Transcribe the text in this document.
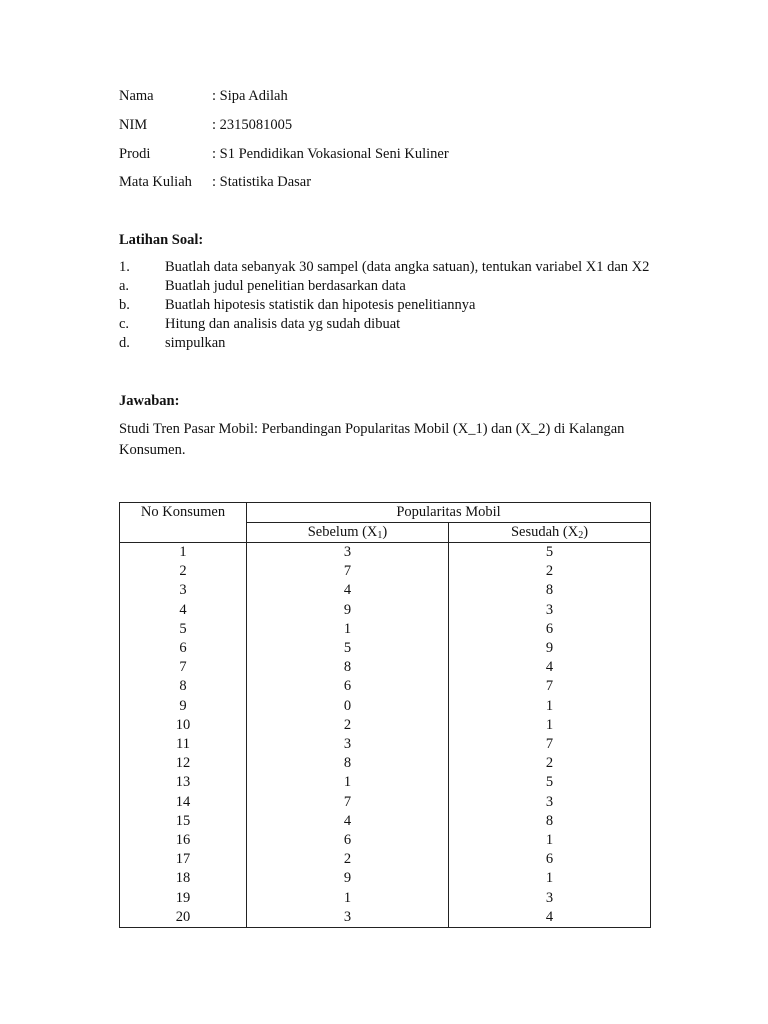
Nama	: Sipa Adilah
NIM	: 2315081005
Prodi	: S1 Pendidikan Vokasional Seni Kuliner
Mata Kuliah : Statistika Dasar
Latihan Soal:
1. Buatlah data sebanyak 30 sampel (data angka satuan), tentukan variabel X1 dan X2
a. Buatlah judul penelitian berdasarkan data
b. Buatlah hipotesis statistik dan hipotesis penelitiannya
c. Hitung dan analisis data yg sudah dibuat
d. simpulkan
Jawaban:
Studi Tren Pasar Mobil: Perbandingan Popularitas Mobil (X_1) dan (X_2) di Kalangan Konsumen.
No Konsumen	Popularitas Mobil	
	Sebelum $(X_1)$	Sesudah $(X_2)$
1	3	5
2	7	2
3	4	8
4	9	3
5	1	6
6	5	9
7	8	4
8	6	7
9	0	1
10	2	1
11	3	7
12	8	2
13	1	5
14	7	3
15	4	8
16	6	1
17	2	6
18	9	1
19	1	3
20	3	4
